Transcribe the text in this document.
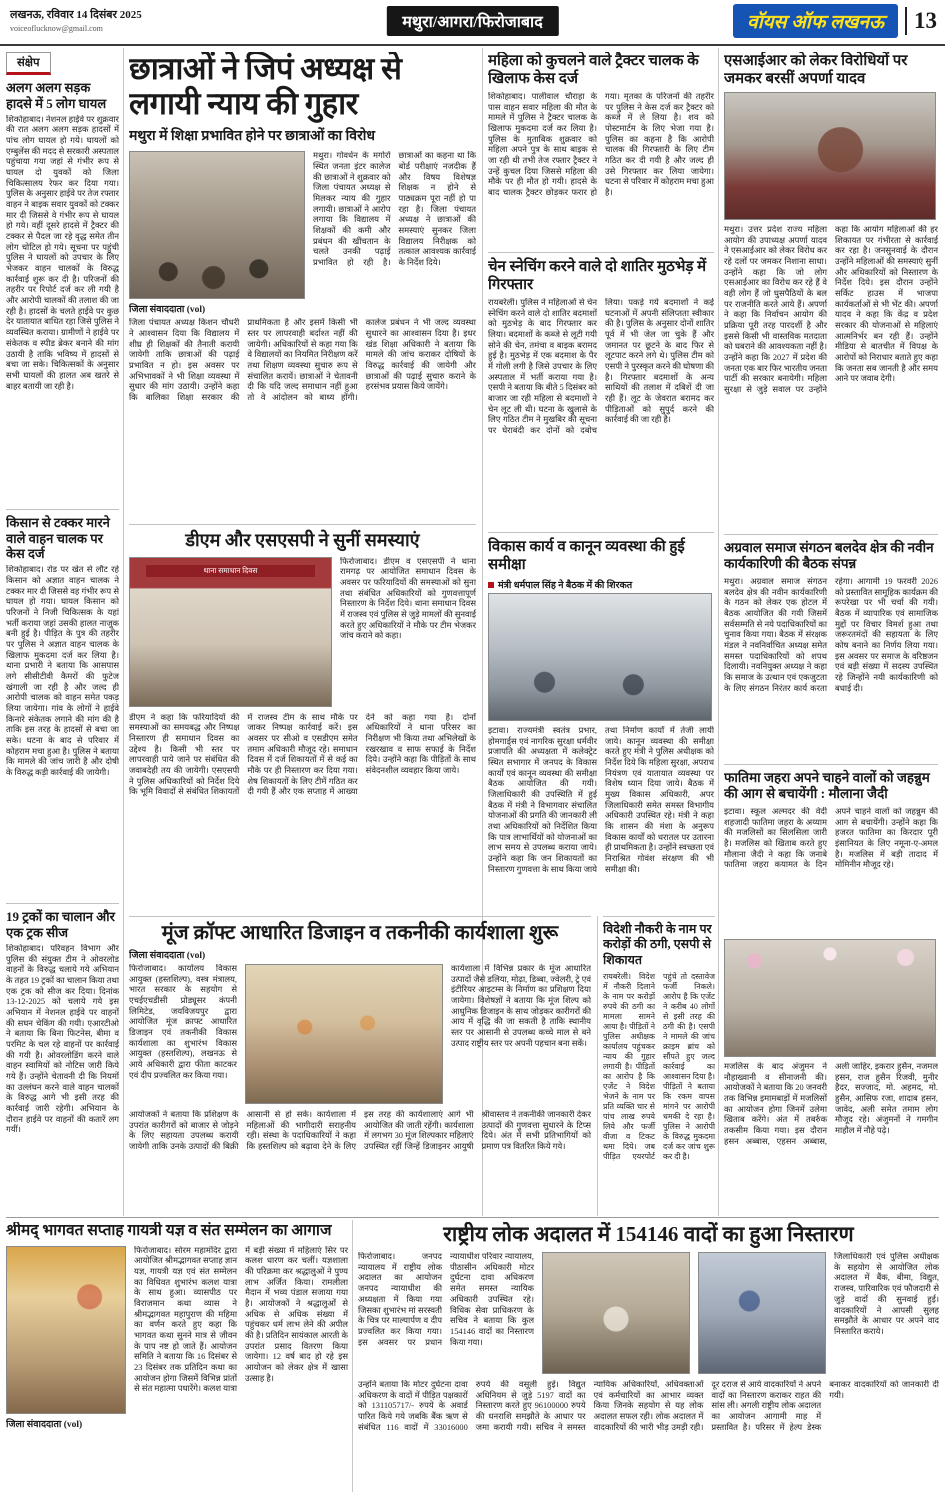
लखनऊ, रविवार 14 दिसंबर 2025
voiceoflucknow@gmail.com	मथुरा/आगरा/फिरोजाबाद	वॉयस ऑफ लखनऊ	13
संक्षेप
अलग अलग सड़क हादसे में 5 लोग घायल
शिकोहाबाद। नेशनल हाईवे पर शुक्रवार की रात अलग अलग सड़क हादसों में पांच लोग घायल हो गये। घायलों को एम्बुलेंस की मदद से सरकारी अस्पताल पहुंचाया गया जहां से गंभीर रूप से घायल दो युवकों को जिला चिकित्सालय रेफर कर दिया गया। पुलिस के अनुसार हाईवे पर तेज रफ्तार वाहन ने बाइक सवार युवकों को टक्कर मार दी जिससे वे गंभीर रूप से घायल हो गये। वहीं दूसरे हादसे में ट्रैक्टर की टक्कर से पैदल जा रहे वृद्ध समेत तीन लोग चोटिल हो गये। सूचना पर पहुंची पुलिस ने घायलों को उपचार के लिए भेजकर वाहन चालकों के विरुद्ध कार्रवाई शुरू कर दी है। परिजनों की तहरीर पर रिपोर्ट दर्ज कर ली गयी है और आरोपी चालकों की तलाश की जा रही है। हादसों के चलते हाईवे पर कुछ देर यातायात बाधित रहा जिसे पुलिस ने व्यवस्थित कराया। ग्रामीणों ने हाईवे पर संकेतक व स्पीड ब्रेकर बनाने की मांग उठायी है ताकि भविष्य में हादसों से बचा जा सके। चिकित्सकों के अनुसार सभी घायलों की हालत अब खतरे से बाहर बतायी जा रही है।
किसान से टक्कर मारने वाले वाहन चालक पर केस दर्ज
शिकोहाबाद। रोड पर खेत से लौट रहे किसान को अज्ञात वाहन चालक ने टक्कर मार दी जिससे वह गंभीर रूप से घायल हो गया। घायल किसान को परिजनों ने निजी चिकित्सक के यहां भर्ती कराया जहां उसकी हालत नाजुक बनी हुई है। पीड़ित के पुत्र की तहरीर पर पुलिस ने अज्ञात वाहन चालक के खिलाफ मुकदमा दर्ज कर लिया है। थाना प्रभारी ने बताया कि आसपास लगे सीसीटीवी कैमरों की फुटेज खंगाली जा रही है और जल्द ही आरोपी चालक को वाहन समेत पकड़ लिया जायेगा। गांव के लोगों ने हाईवे किनारे संकेतक लगाने की मांग की है ताकि इस तरह के हादसों से बचा जा सके। घटना के बाद से परिवार में कोहराम मचा हुआ है। पुलिस ने बताया कि मामले की जांच जारी है और दोषी के विरुद्ध कड़ी कार्रवाई की जायेगी।
19 ट्रकों का चालान और एक ट्रक सीज
शिकोहाबाद। परिवहन विभाग और पुलिस की संयुक्त टीम ने ओवरलोड वाहनों के विरुद्ध चलाये गये अभियान के तहत 19 ट्रकों का चालान किया तथा एक ट्रक को सीज कर दिया। दिनांक 13-12-2025 को चलाये गये इस अभियान में नेशनल हाईवे पर वाहनों की सघन चेकिंग की गयी। एआरटीओ ने बताया कि बिना फिटनेस, बीमा व परमिट के चल रहे वाहनों पर कार्रवाई की गयी है। ओवरलोडिंग करने वाले वाहन स्वामियों को नोटिस जारी किये गये हैं। उन्होंने चेतावनी दी कि नियमों का उल्लंघन करने वाले वाहन चालकों के विरुद्ध आगे भी इसी तरह की कार्रवाई जारी रहेगी। अभियान के दौरान हाईवे पर वाहनों की कतारें लग गयीं।
छात्राओं ने जिपं अध्यक्ष से लगायी न्याय की गुहार
मथुरा में शिक्षा प्रभावित होने पर छात्राओं का विरोध
मथुरा। गोवर्धन के मगोर्रा स्थित जनता इंटर कालेज की छात्राओं ने शुक्रवार को जिला पंचायत अध्यक्ष से मिलकर न्याय की गुहार लगायी। छात्राओं ने आरोप लगाया कि विद्यालय में शिक्षकों की कमी और प्रबंधन की खींचतान के चलते उनकी पढ़ाई प्रभावित हो रही है। छात्राओं का कहना था कि बोर्ड परीक्षाएं नजदीक हैं और विषय विशेषज्ञ शिक्षक न होने से पाठ्यक्रम पूरा नहीं हो पा रहा है। जिला पंचायत अध्यक्ष ने छात्राओं की समस्याएं सुनकर जिला विद्यालय निरीक्षक को तत्काल आवश्यक कार्रवाई के निर्देश दिये।
जिला संवाददाता (vol)
जिला पंचायत अध्यक्ष किशन चौधरी ने आश्वासन दिया कि विद्यालय में शीघ्र ही शिक्षकों की तैनाती करायी जायेगी ताकि छात्राओं की पढ़ाई प्रभावित न हो। इस अवसर पर अभिभावकों ने भी शिक्षा व्यवस्था में सुधार की मांग उठायी। उन्होंने कहा कि बालिका शिक्षा सरकार की प्राथमिकता है और इसमें किसी भी स्तर पर लापरवाही बर्दाश्त नहीं की जायेगी। अधिकारियों से कहा गया कि वे विद्यालयों का नियमित निरीक्षण करें तथा शिक्षण व्यवस्था सुचारु रूप से संचालित करायें। छात्राओं ने चेतावनी दी कि यदि जल्द समाधान नहीं हुआ तो वे आंदोलन को बाध्य होंगी। कालेज प्रबंधन ने भी जल्द व्यवस्था सुधारने का आश्वासन दिया है। इधर खंड शिक्षा अधिकारी ने बताया कि मामले की जांच कराकर दोषियों के विरुद्ध कार्रवाई की जायेगी और छात्राओं की पढ़ाई सुचारु कराने के हरसंभव प्रयास किये जायेंगे।
डीएम और एसएसपी ने सुनीं समस्याएं
थाना समाधान दिवस
फिरोजाबाद। डीएम व एसएसपी ने थाना रामगढ़ पर आयोजित समाधान दिवस के अवसर पर फरियादियों की समस्याओं को सुना तथा संबंधित अधिकारियों को गुणवत्तापूर्ण निस्तारण के निर्देश दिये। थाना समाधान दिवस में राजस्व एवं पुलिस से जुड़े मामलों की सुनवाई करते हुए अधिकारियों ने मौके पर टीम भेजकर जांच कराने को कहा।
डीएम ने कहा कि फरियादियों की समस्याओं का समयबद्ध और निष्पक्ष निस्तारण ही समाधान दिवस का उद्देश्य है। किसी भी स्तर पर लापरवाही पाये जाने पर संबंधित की जवाबदेही तय की जायेगी। एसएसपी ने पुलिस अधिकारियों को निर्देश दिये कि भूमि विवादों से संबंधित शिकायतों में राजस्व टीम के साथ मौके पर जाकर निष्पक्ष कार्रवाई करें। इस अवसर पर सीओ व एसडीएम समेत तमाम अधिकारी मौजूद रहे। समाधान दिवस में दर्ज शिकायतों में से कई का मौके पर ही निस्तारण कर दिया गया। शेष शिकायतों के लिए टीमें गठित कर दी गयी हैं और एक सप्ताह में आख्या देने को कहा गया है। दोनों अधिकारियों ने थाना परिसर का निरीक्षण भी किया तथा अभिलेखों के रखरखाव व साफ सफाई के निर्देश दिये। उन्होंने कहा कि पीड़ितों के साथ संवेदनशील व्यवहार किया जाये।
मूंज क्रॉफ्ट आधारित डिजाइन व तकनीकी कार्यशाला शुरू
जिला संवाददाता (vol)
फिरोजाबाद। कार्यालय विकास आयुक्त (हस्तशिल्प), वस्त्र मंत्रालय, भारत सरकार के सहयोग से एचईएचडीसी प्रोड्यूसर कंपनी लिमिटेड, जयविजयपुर द्वारा आयोजित मूंज क्राफ्ट आधारित डिजाइन एवं तकनीकी विकास कार्यशाला का शुभारंभ विकास आयुक्त (हस्तशिल्प), लखनऊ से आये अधिकारी द्वारा फीता काटकर एवं दीप प्रज्वलित कर किया गया।
कार्यशाला में विभिन्न प्रकार के मूंज आधारित उत्पादों जैसे डलिया, मोढ़ा, डिब्बा, ज्वेलरी, ट्रे एवं इंटीरियर आइटम्स के निर्माण का प्रशिक्षण दिया जायेगा। विशेषज्ञों ने बताया कि मूंज शिल्प को आधुनिक डिजाइन के साथ जोड़कर कारीगरों की आय में वृद्धि की जा सकती है ताकि स्थानीय स्तर पर आसानी से उपलब्ध कच्चे माल से बने उत्पाद राष्ट्रीय स्तर पर अपनी पहचान बना सकें।
आयोजकों ने बताया कि प्रशिक्षण के उपरांत कारीगरों को बाजार से जोड़ने के लिए सहायता उपलब्ध करायी जायेगी ताकि उनके उत्पादों की बिक्री आसानी से हो सके। कार्यशाला में महिलाओं की भागीदारी सराहनीय रही। संस्था के पदाधिकारियों ने कहा कि हस्तशिल्प को बढ़ावा देने के लिए इस तरह की कार्यशालाएं आगे भी आयोजित की जाती रहेंगी। कार्यशाला में लगभग 30 मूंज शिल्पकार महिलाएं उपस्थित रहीं जिन्हें डिजाइनर आयुषी श्रीवास्तव ने तकनीकी जानकारी देकर उत्पादों की गुणवत्ता सुधारने के टिप्स दिये। अंत में सभी प्रतिभागियों को प्रमाण पत्र वितरित किये गये।
विदेशी नौकरी के नाम पर करोड़ों की ठगी, एसपी से शिकायत
रायबरेली। विदेश में नौकरी दिलाने के नाम पर करोड़ों रुपये की ठगी का मामला सामने आया है। पीड़ितों ने पुलिस अधीक्षक कार्यालय पहुंचकर न्याय की गुहार लगायी है। पीड़ितों का आरोप है कि एजेंट ने विदेश भेजने के नाम पर प्रति व्यक्ति चार से पांच लाख रुपये लिये और फर्जी वीजा व टिकट थमा दिये। जब पीड़ित एयरपोर्ट पहुंचे तो दस्तावेज फर्जी निकले। आरोप है कि एजेंट ने करीब 40 लोगों से इसी तरह की ठगी की है। एसपी ने मामले की जांच क्राइम ब्रांच को सौंपते हुए जल्द कार्रवाई का आश्वासन दिया है। पीड़ितों ने बताया कि रकम वापस मांगने पर आरोपी धमकी दे रहा है। पुलिस ने आरोपी के विरुद्ध मुकदमा दर्ज कर जांच शुरू कर दी है।
महिला को कुचलने वाले ट्रैक्टर चालक के खिलाफ केस दर्ज
शिकोहाबाद। पालीवाल चौराहा के पास वाहन सवार महिला की मौत के मामले में पुलिस ने ट्रैक्टर चालक के खिलाफ मुकदमा दर्ज कर लिया है। पुलिस के मुताबिक शुक्रवार को महिला अपने पुत्र के साथ बाइक से जा रही थी तभी तेज रफ्तार ट्रैक्टर ने उन्हें कुचल दिया जिससे महिला की मौके पर ही मौत हो गयी। हादसे के बाद चालक ट्रैक्टर छोड़कर फरार हो गया। मृतका के परिजनों की तहरीर पर पुलिस ने केस दर्ज कर ट्रैक्टर को कब्जे में ले लिया है। शव को पोस्टमार्टम के लिए भेजा गया है। पुलिस का कहना है कि आरोपी चालक की गिरफ्तारी के लिए टीम गठित कर दी गयी है और जल्द ही उसे गिरफ्तार कर लिया जायेगा। घटना से परिवार में कोहराम मचा हुआ है।
चेन स्नेचिंग करने वाले दो शातिर मुठभेड़ में गिरफ्तार
रायबरेली। पुलिस ने महिलाओं से चेन स्नेचिंग करने वाले दो शातिर बदमाशों को मुठभेड़ के बाद गिरफ्तार कर लिया। बदमाशों के कब्जे से लूटी गयी सोने की चेन, तमंचा व बाइक बरामद हुई है। मुठभेड़ में एक बदमाश के पैर में गोली लगी है जिसे उपचार के लिए अस्पताल में भर्ती कराया गया है। एसपी ने बताया कि बीते 5 दिसंबर को बाजार जा रही महिला से बदमाशों ने चेन लूट ली थी। घटना के खुलासे के लिए गठित टीम ने मुखबिर की सूचना पर घेराबंदी कर दोनों को दबोच लिया। पकड़े गये बदमाशों ने कई घटनाओं में अपनी संलिप्तता स्वीकार की है। पुलिस के अनुसार दोनों शातिर पूर्व में भी जेल जा चुके हैं और जमानत पर छूटने के बाद फिर से लूटपाट करने लगे थे। पुलिस टीम को एसपी ने पुरस्कृत करने की घोषणा की है। गिरफ्तार बदमाशों के अन्य साथियों की तलाश में दबिशें दी जा रही हैं। लूट के जेवरात बरामद कर पीड़िताओं को सुपुर्द करने की कार्रवाई की जा रही है।
विकास कार्य व कानून व्यवस्था की हुई समीक्षा
मंत्री धर्मपाल सिंह ने बैठक में की शिरकत
इटावा। राज्यमंत्री स्वतंत्र प्रभार, होमगार्ड्स एवं नागरिक सुरक्षा धर्मवीर प्रजापति की अध्यक्षता में कलेक्ट्रेट स्थित सभागार में जनपद के विकास कार्यों एवं कानून व्यवस्था की समीक्षा बैठक आयोजित की गयी। जिलाधिकारी की उपस्थिति में हुई बैठक में मंत्री ने विभागवार संचालित योजनाओं की प्रगति की जानकारी ली तथा अधिकारियों को निर्देशित किया कि पात्र लाभार्थियों को योजनाओं का लाभ समय से उपलब्ध कराया जाये। उन्होंने कहा कि जन शिकायतों का निस्तारण गुणवत्ता के साथ किया जाये तथा निर्माण कार्यों में तेजी लायी जाये। कानून व्यवस्था की समीक्षा करते हुए मंत्री ने पुलिस अधीक्षक को निर्देश दिये कि महिला सुरक्षा, अपराध नियंत्रण एवं यातायात व्यवस्था पर विशेष ध्यान दिया जाये। बैठक में मुख्य विकास अधिकारी, अपर जिलाधिकारी समेत समस्त विभागीय अधिकारी उपस्थित रहे। मंत्री ने कहा कि शासन की मंशा के अनुरूप विकास कार्यों को धरातल पर उतारना ही प्राथमिकता है। उन्होंने स्वच्छता एवं निराश्रित गोवंश संरक्षण की भी समीक्षा की।
एसआईआर को लेकर विरोधियों पर जमकर बरसीं अपर्णा यादव
मथुरा। उत्तर प्रदेश राज्य महिला आयोग की उपाध्यक्ष अपर्णा यादव ने एसआईआर को लेकर विरोध कर रहे दलों पर जमकर निशाना साधा। उन्होंने कहा कि जो लोग एसआईआर का विरोध कर रहे हैं वे वही लोग हैं जो घुसपैठियों के बल पर राजनीति करते आये हैं। अपर्णा ने कहा कि निर्वाचन आयोग की प्रक्रिया पूरी तरह पारदर्शी है और इससे किसी भी वास्तविक मतदाता को घबराने की आवश्यकता नहीं है। उन्होंने कहा कि 2027 में प्रदेश की जनता एक बार फिर भारतीय जनता पार्टी की सरकार बनायेगी। महिला सुरक्षा से जुड़े सवाल पर उन्होंने कहा कि आयोग महिलाओं की हर शिकायत पर गंभीरता से कार्रवाई कर रहा है। जनसुनवाई के दौरान उन्होंने महिलाओं की समस्याएं सुनीं और अधिकारियों को निस्तारण के निर्देश दिये। इस दौरान उन्होंने सर्किट हाउस में भाजपा कार्यकर्ताओं से भी भेंट की। अपर्णा यादव ने कहा कि केंद्र व प्रदेश सरकार की योजनाओं से महिलाएं आत्मनिर्भर बन रही हैं। उन्होंने मीडिया से बातचीत में विपक्ष के आरोपों को निराधार बताते हुए कहा कि जनता सब जानती है और समय आने पर जवाब देगी।
अग्रवाल समाज संगठन बलदेव क्षेत्र की नवीन कार्यकारिणी की बैठक संपन्न
मथुरा। अग्रवाल समाज संगठन बलदेव क्षेत्र की नवीन कार्यकारिणी के गठन को लेकर एक होटल में बैठक आयोजित की गयी जिसमें सर्वसम्मति से नये पदाधिकारियों का चुनाव किया गया। बैठक में संरक्षक मंडल ने नवनिर्वाचित अध्यक्ष समेत समस्त पदाधिकारियों को शपथ दिलायी। नवनियुक्त अध्यक्ष ने कहा कि समाज के उत्थान एवं एकजुटता के लिए संगठन निरंतर कार्य करता रहेगा। आगामी 19 फरवरी 2026 को प्रस्तावित सामूहिक कार्यक्रम की रूपरेखा पर भी चर्चा की गयी। बैठक में व्यापारिक एवं सामाजिक मुद्दों पर विचार विमर्श हुआ तथा जरूरतमंदों की सहायता के लिए कोष बनाने का निर्णय लिया गया। इस अवसर पर समाज के वरिष्ठजन एवं बड़ी संख्या में सदस्य उपस्थित रहे जिन्होंने नयी कार्यकारिणी को बधाई दी।
फातिमा जहरा अपने चाहने वालों को जहन्नुम की आग से बचायेंगी : मौलाना जैदी
इटावा। स्कूल अल्मदर की वेदी शहजादी फातिमा जहरा के अय्याम की मजलिसों का सिलसिला जारी है। मजलिस को खिताब करते हुए मौलाना जैदी ने कहा कि जनाबे फातिमा जहरा कयामत के दिन अपने चाहने वालों को जहन्नुम की आग से बचायेंगी। उन्होंने कहा कि हजरत फातिमा का किरदार पूरी इंसानियत के लिए नमूना-ए-अमल है। मजलिस में बड़ी तादाद में मोमिनीन मौजूद रहे।
मजलिस के बाद अंजुमन ने नौहाख्वानी व सीनाजनी की। आयोजकों ने बताया कि 20 जनवरी तक विभिन्न इमामबाड़ों में मजलिसों का आयोजन होगा जिनमें उलेमा खिताब करेंगे। अंत में तबर्रुक तकसीम किया गया। इस दौरान हसन अब्बास, एहसन अब्बास, अली जाहिर, इकरार हुसैन, नजमल हसन, राज हुसैन रिजवी, मुनीर हैदर, सज्जाद, मो. अहमद, मो. हुसैन, आसिफ रजा, शादाब हसन, जावेद, अली समेत तमाम लोग मौजूद रहे। अंजुमनों ने गमगीन माहौल में नौहे पढ़े।
श्रीमद् भागवत सप्ताह गायत्री यज्ञ व संत सम्मेलन का आगाज
जिला संवाददाता (vol)
फिरोजाबाद। सोरम महामंदिर द्वारा आयोजित श्रीमद्भागवत सप्ताह ज्ञान यज्ञ, गायत्री यज्ञ एवं संत सम्मेलन का विधिवत शुभारंभ कलश यात्रा के साथ हुआ। व्यासपीठ पर विराजमान कथा व्यास ने श्रीमद्भागवत महापुराण की महिमा का वर्णन करते हुए कहा कि भागवत कथा सुनने मात्र से जीवन के पाप नष्ट हो जाते हैं। आयोजन समिति ने बताया कि 16 दिसंबर से 23 दिसंबर तक प्रतिदिन कथा का आयोजन होगा जिसमें विभिन्न प्रांतों से संत महात्मा पधारेंगे। कलश यात्रा में बड़ी संख्या में महिलाएं सिर पर कलश धारण कर चलीं। यज्ञशाला की परिक्रमा कर श्रद्धालुओं ने पुण्य लाभ अर्जित किया। रामलीला मैदान में भव्य पंडाल सजाया गया है। आयोजकों ने श्रद्धालुओं से अधिक से अधिक संख्या में पहुंचकर धर्म लाभ लेने की अपील की है। प्रतिदिन सायंकाल आरती के उपरांत प्रसाद वितरण किया जायेगा। 12 वर्ष बाद हो रहे इस आयोजन को लेकर क्षेत्र में खासा उत्साह है।
राष्ट्रीय लोक अदालत में 154146 वादों का हुआ निस्तारण
फिरोजाबाद। जनपद न्यायालय में राष्ट्रीय लोक अदालत का आयोजन जनपद न्यायाधीश की अध्यक्षता में किया गया जिसका शुभारंभ मां सरस्वती के चित्र पर माल्यार्पण व दीप प्रज्वलित कर किया गया। इस अवसर पर प्रधान न्यायाधीश परिवार न्यायालय, पीठासीन अधिकारी मोटर दुर्घटना दावा अधिकरण समेत समस्त न्यायिक अधिकारी उपस्थित रहे। विधिक सेवा प्राधिकरण के सचिव ने बताया कि कुल 154146 वादों का निस्तारण किया गया।
जिलाधिकारी एवं पुलिस अधीक्षक के सहयोग से आयोजित लोक अदालत में बैंक, बीमा, विद्युत, राजस्व, पारिवारिक एवं फौजदारी से जुड़े वादों की सुनवाई हुई। वादकारियों ने आपसी सुलह समझौते के आधार पर अपने वाद निस्तारित कराये।
उन्होंने बताया कि मोटर दुर्घटना दावा अधिकरण के वादों में पीड़ित पक्षकारों को 131105717/- रुपये के अवार्ड पारित किये गये जबकि बैंक ऋण से संबंधित 116 वादों में 33016000 रुपये की वसूली हुई। विद्युत अधिनियम से जुड़े 5197 वादों का निस्तारण करते हुए 96100000 रुपये की धनराशि समझौते के आधार पर जमा करायी गयी। सचिव ने समस्त न्यायिक अधिकारियों, अधिवक्ताओं एवं कर्मचारियों का आभार व्यक्त किया जिनके सहयोग से यह लोक अदालत सफल रही। लोक अदालत में वादकारियों की भारी भीड़ उमड़ी रही। दूर दराज से आये वादकारियों ने अपने वादों का निस्तारण कराकर राहत की सांस ली। अगली राष्ट्रीय लोक अदालत का आयोजन आगामी माह में प्रस्तावित है। परिसर में हेल्प डेस्क बनाकर वादकारियों को जानकारी दी गयी।
